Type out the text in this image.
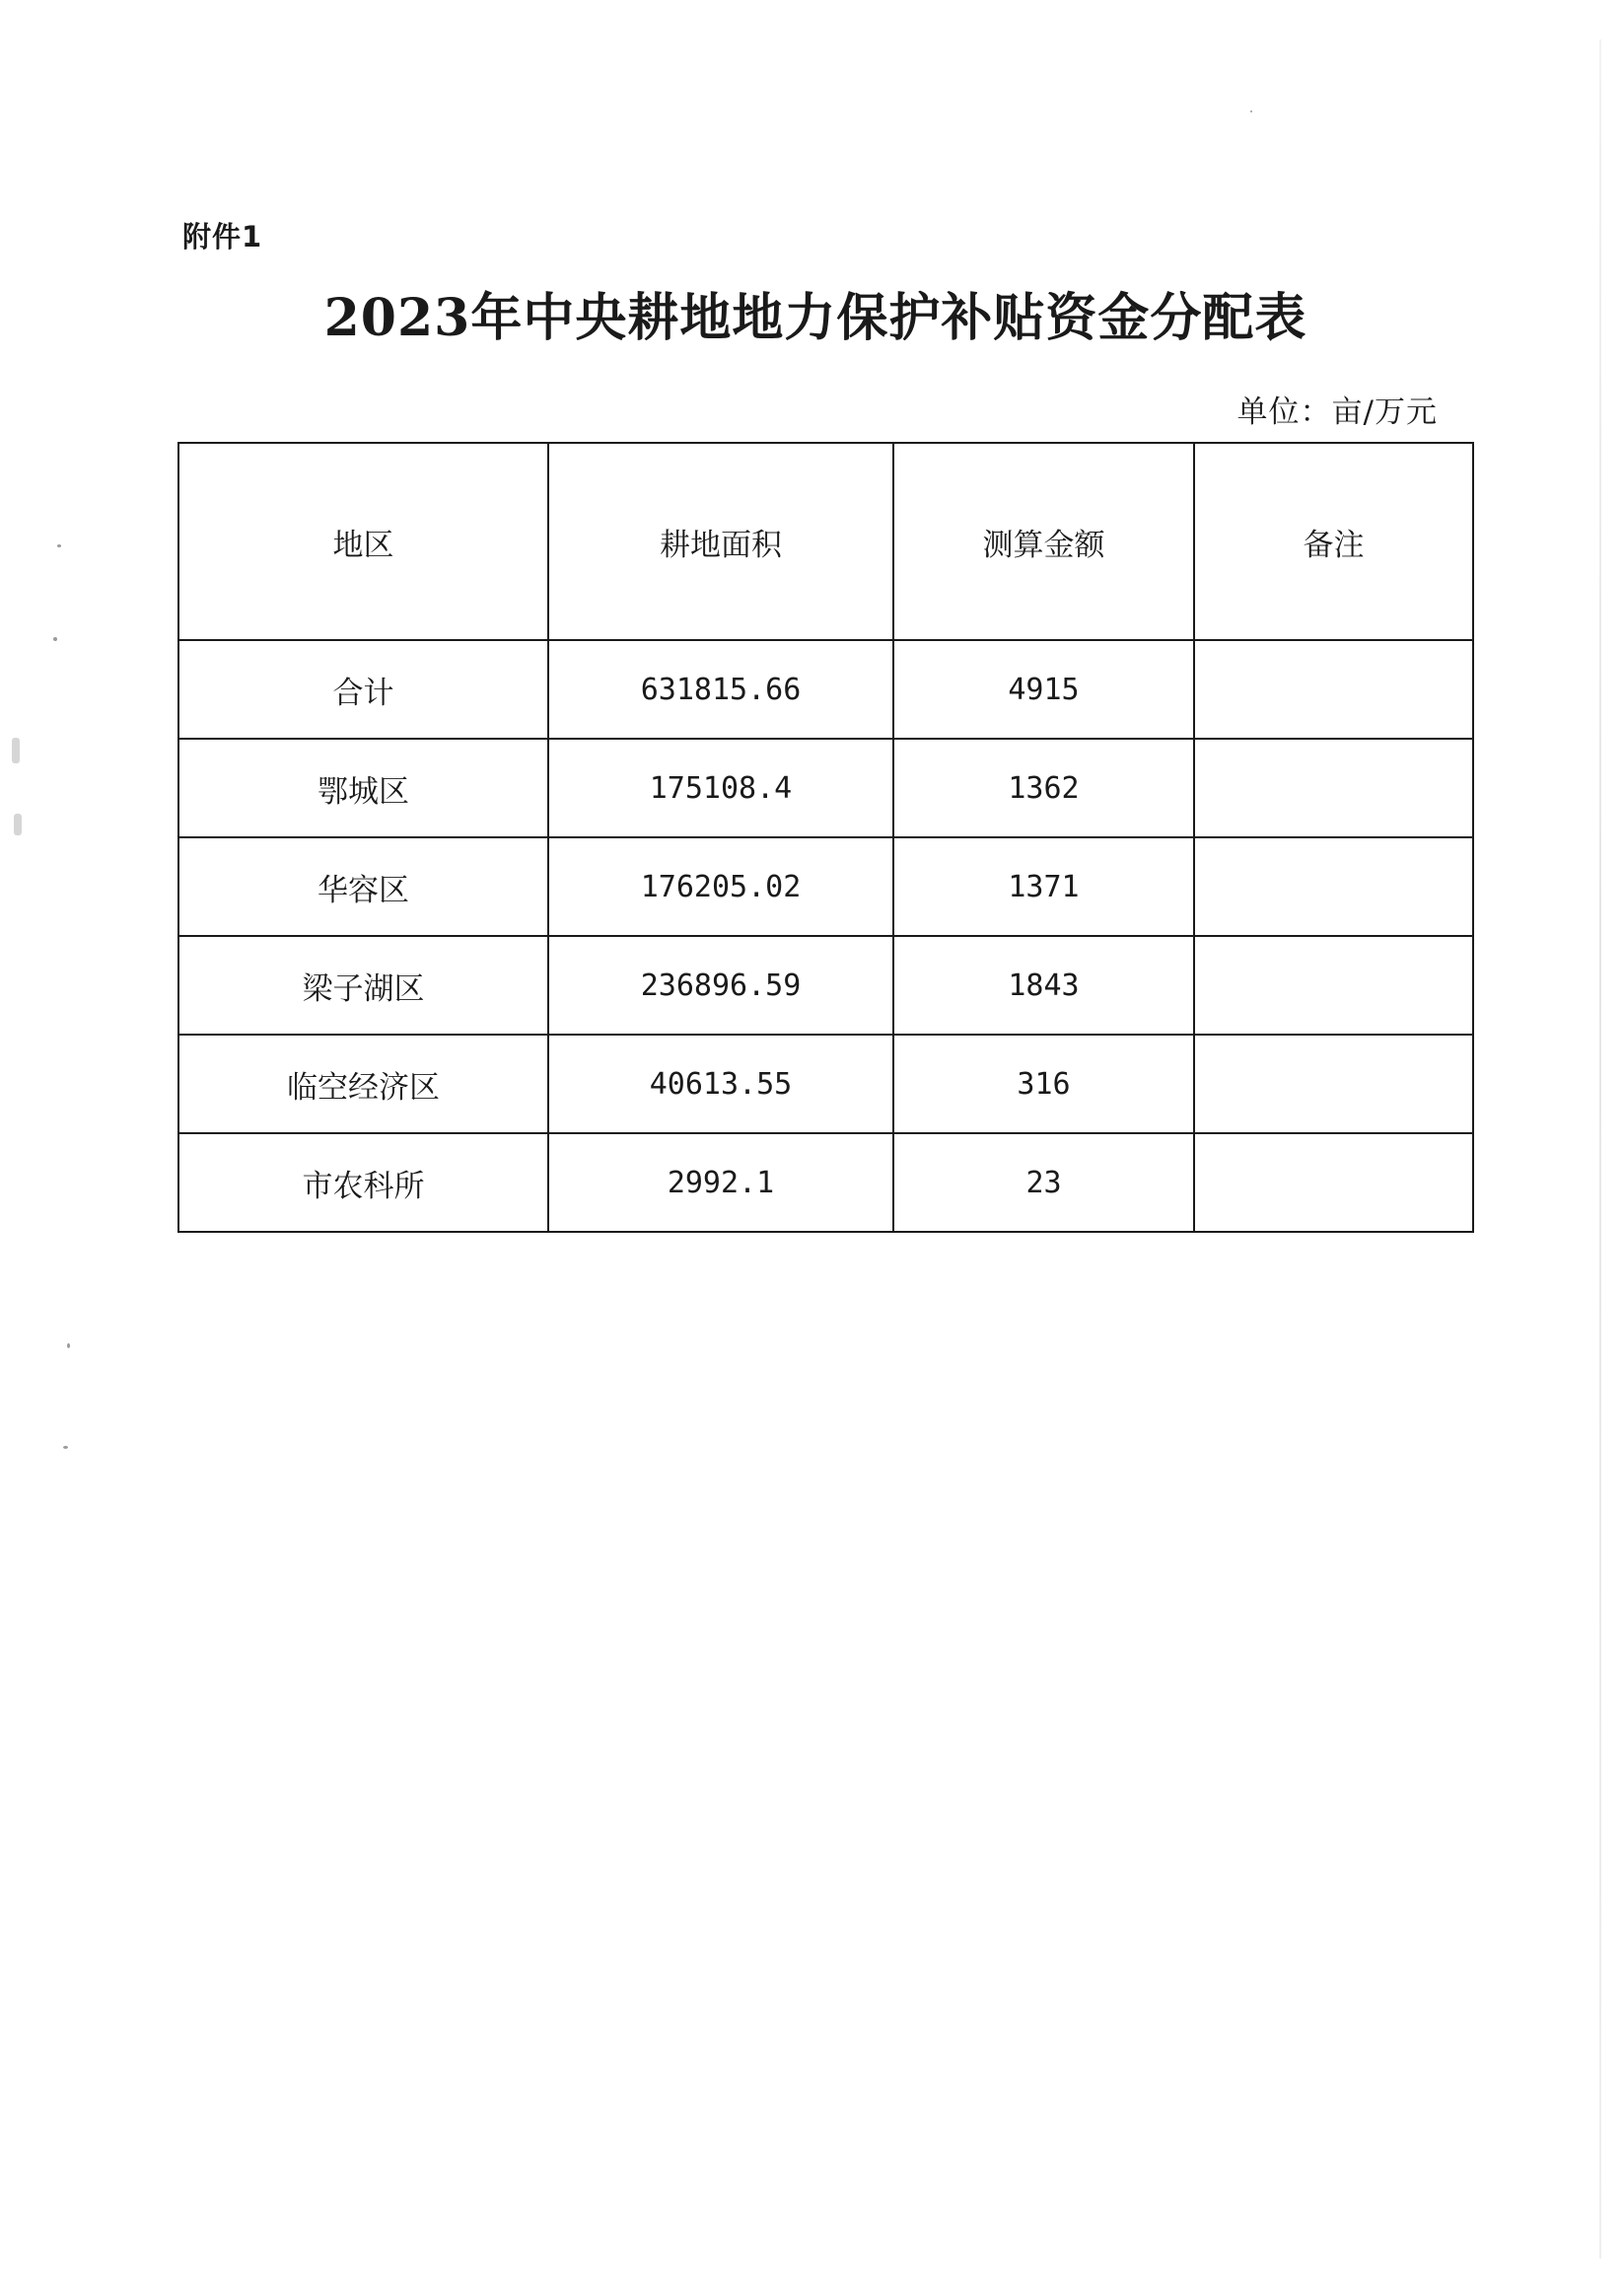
附件1
2023年中央耕地地力保护补贴资金分配表
单位：亩/万元
地区	耕地面积	测算金额	备注
合计	631815.66	4915	
鄂城区	175108.4	1362	
华容区	176205.02	1371	
梁子湖区	236896.59	1843	
临空经济区	40613.55	316	
市农科所	2992.1	23	
